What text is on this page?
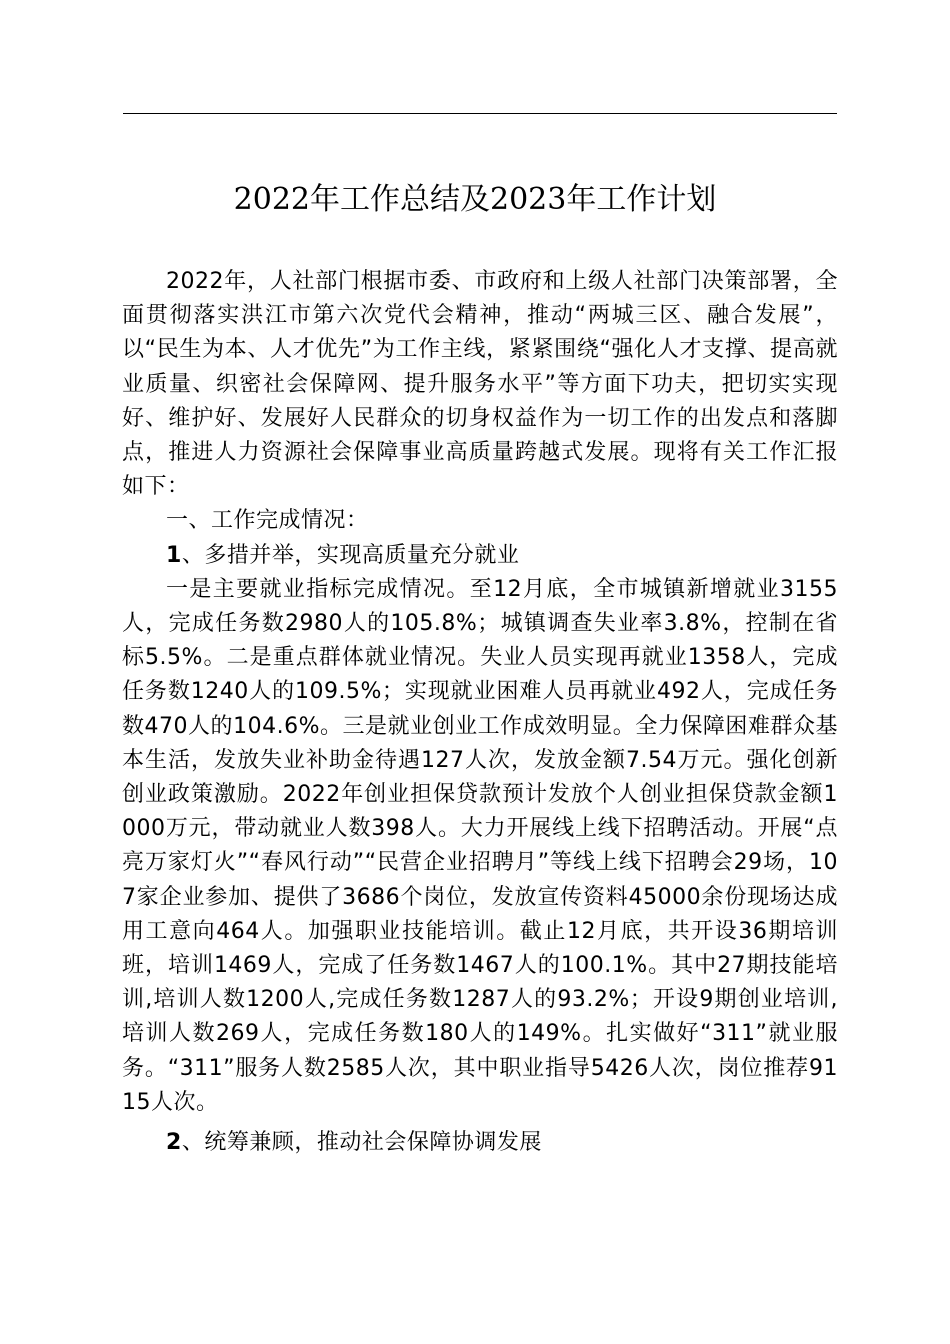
2022年工作总结及2023年工作计划

2022年，人社部门根据市委、市政府和上级人社部门决策部署，全面贯彻落实洪江市第六次党代会精神，推动“两城三区、融合发展”，以“民生为本、人才优先”为工作主线，紧紧围绕“强化人才支撑、提高就业质量、织密社会保障网、提升服务水平”等方面下功夫，把切实实现好、维护好、发展好人民群众的切身权益作为一切工作的出发点和落脚点，推进人力资源社会保障事业高质量跨越式发展。现将有关工作汇报如下：

一、工作完成情况：

1、多措并举，实现高质量充分就业

一是主要就业指标完成情况。至12月底，全市城镇新增就业3155人，完成任务数2980人的105.8%；城镇调查失业率3.8%，控制在省标5.5%。二是重点群体就业情况。失业人员实现再就业1358人，完成任务数1240人的109.5%；实现就业困难人员再就业492人，完成任务数470人的104.6%。三是就业创业工作成效明显。全力保障困难群众基本生活，发放失业补助金待遇127人次，发放金额7.54万元。强化创新创业政策激励。2022年创业担保贷款预计发放个人创业担保贷款金额1000万元，带动就业人数398人。大力开展线上线下招聘活动。开展“点亮万家灯火”“春风行动”“民营企业招聘月”等线上线下招聘会29场，107家企业参加、提供了3686个岗位，发放宣传资料45000余份现场达成用工意向464人。加强职业技能培训。截止12月底，共开设36期培训班，培训1469人，完成了任务数1467人的100.1%。其中27期技能培训,培训人数1200人,完成任务数1287人的93.2%；开设9期创业培训,培训人数269人，完成任务数180人的149%。扎实做好“311”就业服务。“311”服务人数2585人次，其中职业指导5426人次，岗位推荐9115人次。

2、统筹兼顾，推动社会保障协调发展
